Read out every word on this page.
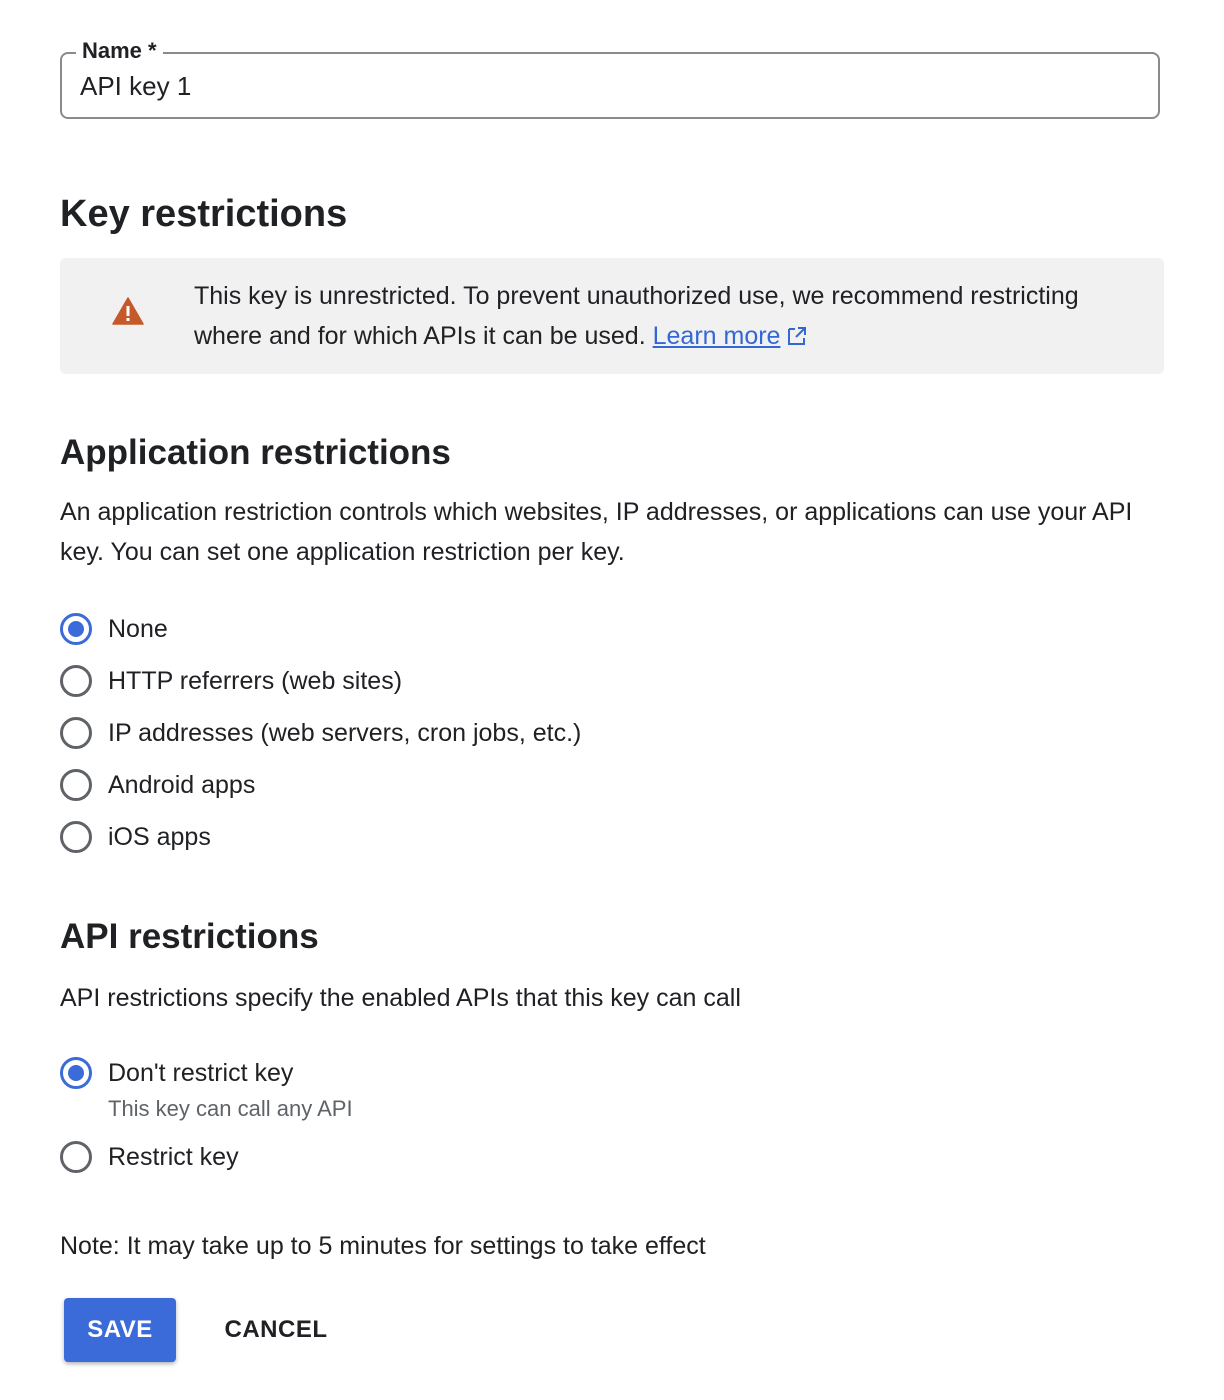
Name *
API key 1
Key restrictions
This key is unrestricted. To prevent unauthorized use, we recommend restricting where and for which APIs it can be used. Learn more
Application restrictions
An application restriction controls which websites, IP addresses, or applications can use your API key. You can set one application restriction per key.
None
HTTP referrers (web sites)
IP addresses (web servers, cron jobs, etc.)
Android apps
iOS apps
API restrictions
API restrictions specify the enabled APIs that this key can call
Don't restrict key
This key can call any API
Restrict key
Note: It may take up to 5 minutes for settings to take effect
SAVE	CANCEL
